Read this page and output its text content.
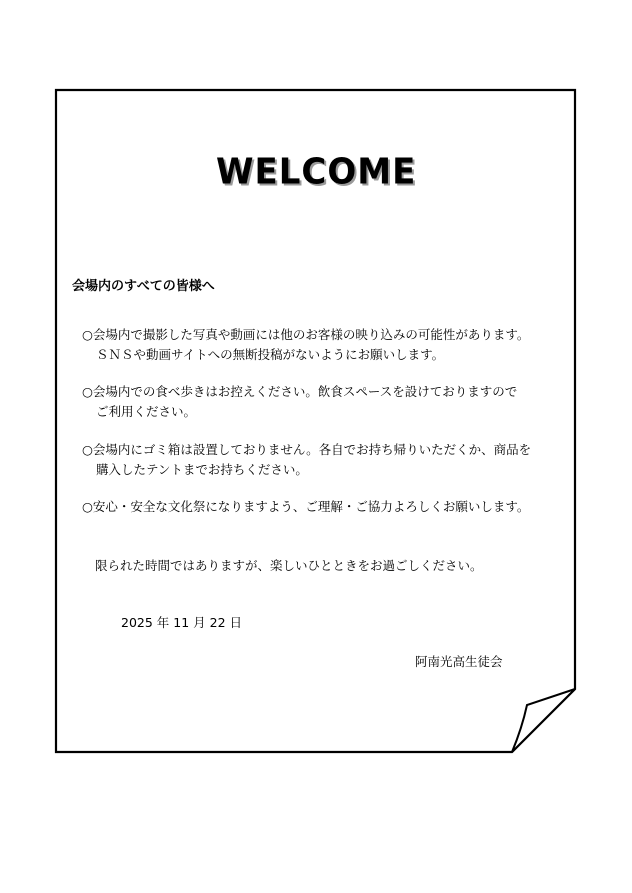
WELCOME
会場内のすべての皆様へ
○会場内で撮影した写真や動画には他のお客様の映り込みの可能性があります。
ＳＮＳや動画サイトへの無断投稿がないようにお願いします。
○会場内での食べ歩きはお控えください。飲食スペースを設けておりますので
ご利用ください。
○会場内にゴミ箱は設置しておりません。各自でお持ち帰りいただくか、商品を
購入したテントまでお持ちください。
○安心・安全な文化祭になりますよう、ご理解・ご協力よろしくお願いします。
限られた時間ではありますが、楽しいひとときをお過ごしください。
2025 年 11 月 22 日
阿南光高生徒会
